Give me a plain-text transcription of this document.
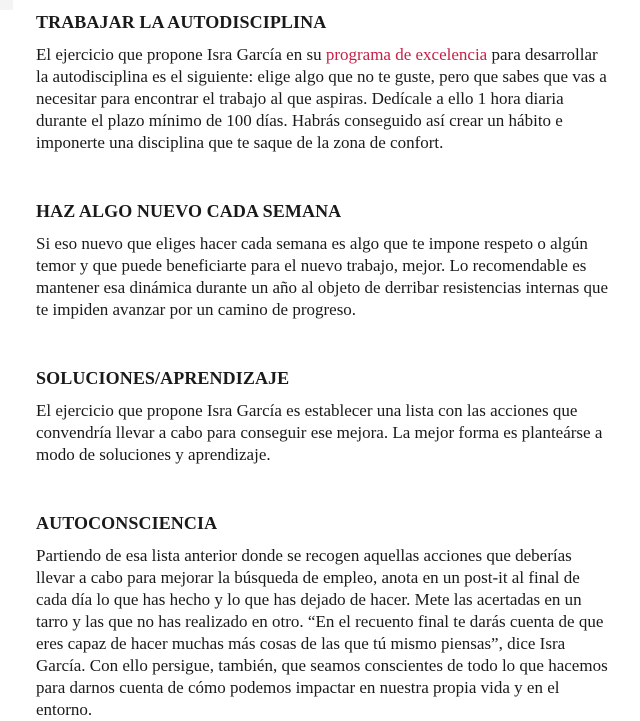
TRABAJAR LA AUTODISCIPLINA

El ejercicio que propone Isra García en su programa de excelencia para desarrollar la autodisciplina es el siguiente: elige algo que no te guste, pero que sabes que vas a necesitar para encontrar el trabajo al que aspiras. Dedícale a ello 1 hora diaria durante el plazo mínimo de 100 días. Habrás conseguido así crear un hábito e imponerte una disciplina que te saque de la zona de confort.

HAZ ALGO NUEVO CADA SEMANA

Si eso nuevo que eliges hacer cada semana es algo que te impone respeto o algún temor y que puede beneficiarte para el nuevo trabajo, mejor. Lo recomendable es mantener esa dinámica durante un año al objeto de derribar resistencias internas que te impiden avanzar por un camino de progreso.

SOLUCIONES/APRENDIZAJE

El ejercicio que propone Isra García es establecer una lista con las acciones que convendría llevar a cabo para conseguir ese mejora. La mejor forma es planteárse a modo de soluciones y aprendizaje.

AUTOCONSCIENCIA

Partiendo de esa lista anterior donde se recogen aquellas acciones que deberías llevar a cabo para mejorar la búsqueda de empleo, anota en un post-it al final de cada día lo que has hecho y lo que has dejado de hacer. Mete las acertadas en un tarro y las que no has realizado en otro. “En el recuento final te darás cuenta de que eres capaz de hacer muchas más cosas de las que tú mismo piensas”, dice Isra García. Con ello persigue, también, que seamos conscientes de todo lo que hacemos para darnos cuenta de cómo podemos impactar en nuestra propia vida y en el entorno.
